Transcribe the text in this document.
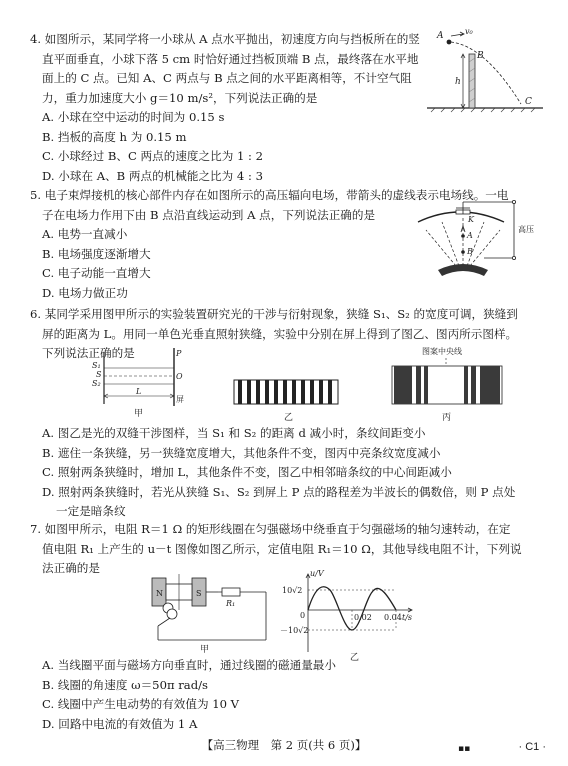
4. 如图所示，某同学将一小球从 A 点水平抛出，初速度方向与挡板所在的竖
直平面垂直，小球下落 5 cm 时恰好通过挡板顶端 B 点，最终落在水平地
面上的 C 点。已知 A、C 两点与 B 点之间的水平距离相等，不计空气阻
力，重力加速度大小 g＝10 m/s²，下列说法正确的是
A. 小球在空中运动的时间为 0.15 s
B. 挡板的高度 h 为 0.15 m
C. 小球经过 B、C 两点的速度之比为 1 : 2
D. 小球在 A、B 两点的机械能之比为 4 : 3
A	v₀
B
h
C
5. 电子束焊接机的核心部件内存在如图所示的高压辐向电场，带箭头的虚线表示电场线。一电
子在电场力作用下由 B 点沿直线运动到 A 点，下列说法正确的是
A. 电势一直减小
B. 电场强度逐渐增大
C. 电子动能一直增大
D. 电场力做正功
K
A
B
高压
6. 某同学采用图甲所示的实验装置研究光的干涉与衍射现象，狭缝 S₁、S₂ 的宽度可调，狭缝到
屏的距离为 L。用同一单色光垂直照射狭缝，实验中分别在屏上得到了图乙、图丙所示图样。
下列说法正确的是
S₁
S₂
S
P
O
屏
L
甲	乙
图案中央线
丙
A. 图乙是光的双缝干涉图样，当 S₁ 和 S₂ 的距离 d 减小时，条纹间距变小
B. 遮住一条狭缝，另一狭缝宽度增大，其他条件不变，图丙中亮条纹宽度减小
C. 照射两条狭缝时，增加 L，其他条件不变，图乙中相邻暗条纹的中心间距减小
D. 照射两条狭缝时，若光从狭缝 S₁、S₂ 到屏上 P 点的路程差为半波长的偶数倍，则 P 点处
一定是暗条纹
7. 如图甲所示，电阻 R＝1 Ω 的矩形线圈在匀强磁场中绕垂直于匀强磁场的轴匀速转动，在定
值电阻 R₁ 上产生的 u－t 图像如图乙所示，定值电阻 R₁＝10 Ω，其他导线电阻不计，下列说
法正确的是
N	S
R₁
甲
u/V
10√2
－10√2
0	0.02 0.04 t/s
乙
A. 当线圈平面与磁场方向垂直时，通过线圈的磁通量最小
B. 线圈的角速度 ω＝50π rad/s
C. 线圈中产生电动势的有效值为 10 V
D. 回路中电流的有效值为 1 A
【高三物理　第 2 页(共 6 页)】	▪▪	· C1 ·
